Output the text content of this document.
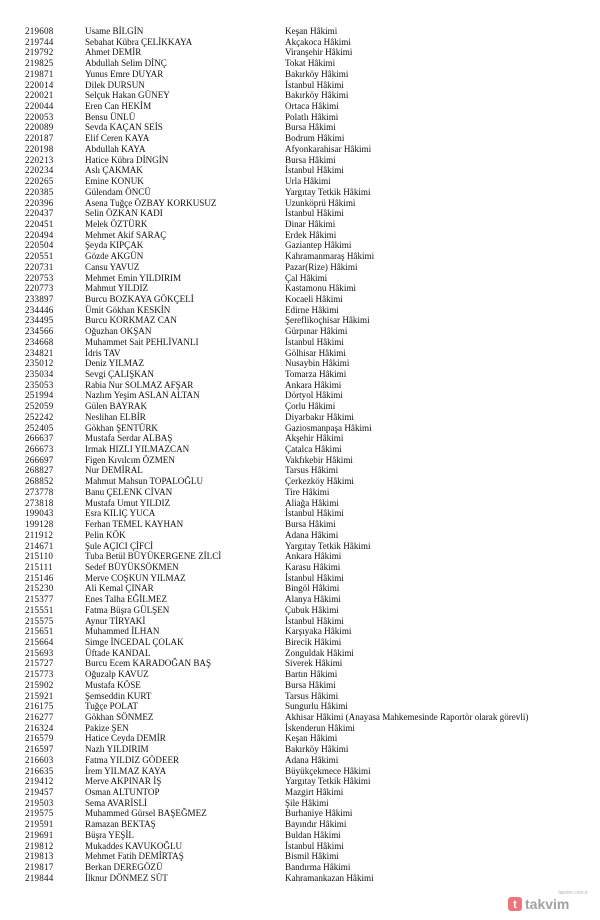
219608	Usame BİLGİN	Keşan Hâkimi
219744	Sebahat Kübra ÇELİKKAYA	Akçakoca Hâkimi
219792	Ahmet DEMİR	Viranşehir Hâkimi
219825	Abdullah Selim DİNÇ	Tokat Hâkimi
219871	Yunus Emre DUYAR	Bakırköy Hâkimi
220014	Dilek DURSUN	İstanbul Hâkimi
220021	Selçuk Hakan GÜNEY	Bakırköy Hâkimi
220044	Eren Can HEKİM	Ortaca Hâkimi
220053	Bensu ÜNLÜ	Polatlı Hâkimi
220089	Sevda KAÇAN SEİS	Bursa Hâkimi
220187	Elif Ceren KAYA	Bodrum Hâkimi
220198	Abdullah KAYA	Afyonkarahisar Hâkimi
220213	Hatice Kübra DİNGİN	Bursa Hâkimi
220234	Aslı ÇAKMAK	İstanbul Hâkimi
220265	Emine KONUK	Urla Hâkimi
220385	Gülendam ÖNCÜ	Yargıtay Tetkik Hâkimi
220396	Asena Tuğçe ÖZBAY KORKUSUZ	Uzunköprü Hâkimi
220437	Selin ÖZKAN KADI	İstanbul Hâkimi
220451	Melek ÖZTÜRK	Dinar Hâkimi
220494	Mehmet Akif SARAÇ	Erdek Hâkimi
220504	Şeyda KIPÇAK	Gaziantep Hâkimi
220551	Gözde AKGÜN	Kahramanmaraş Hâkimi
220731	Cansu YAVUZ	Pazar(Rize) Hâkimi
220753	Mehmet Emin YILDIRIM	Çal Hâkimi
220773	Mahmut YILDIZ	Kastamonu Hâkimi
233897	Burcu BOZKAYA GÖKÇELİ	Kocaeli Hâkimi
234446	Ümit Gökhan KESKİN	Edirne Hâkimi
234495	Burcu KORKMAZ CAN	Şereflikoçhisar Hâkimi
234566	Oğuzhan OKŞAN	Gürpınar Hâkimi
234668	Muhammet Sait PEHLİVANLI	İstanbul Hâkimi
234821	İdris TAV	Gölhisar Hâkimi
235012	Deniz YILMAZ	Nusaybin Hâkimi
235034	Sevgi ÇALIŞKAN	Tomarza Hâkimi
235053	Rabia Nur SOLMAZ AFŞAR	Ankara Hâkimi
251994	Nazlım Yeşim ASLAN ALTAN	Dörtyol Hâkimi
252059	Gülen BAYRAK	Çorlu Hâkimi
252242	Neslihan ELBİR	Diyarbakır Hâkimi
252405	Gökhan ŞENTÜRK	Gaziosmanpaşa Hâkimi
266637	Mustafa Serdar ALBAŞ	Akşehir Hâkimi
266673	Irmak HIZLI YILMAZCAN	Çatalca Hâkimi
266697	Figen Kıvılcım ÖZMEN	Vakfıkebir Hâkimi
268827	Nur DEMİRAL	Tarsus Hâkimi
268852	Mahmut Mahsun TOPALOĞLU	Çerkezköy Hâkimi
273778	Banu ÇELENK CİVAN	Tire Hâkimi
273818	Mustafa Umut YILDIZ	Aliağa Hâkimi
199043	Esra KILIÇ YUCA	İstanbul Hâkimi
199128	Ferhan TEMEL KAYHAN	Bursa Hâkimi
211912	Pelin KÖK	Adana Hâkimi
214671	Şule AÇICI ÇİFCİ	Yargıtay Tetkik Hâkimi
215110	Tuba Betül BÜYÜKERGENE ZİLCİ	Ankara Hâkimi
215111	Sedef BÜYÜKSÖKMEN	Karasu Hâkimi
215146	Merve COŞKUN YILMAZ	İstanbul Hâkimi
215230	Ali Kemal ÇINAR	Bingöl Hâkimi
215377	Enes Talha EĞİLMEZ	Alanya Hâkimi
215551	Fatma Büşra GÜLŞEN	Çubuk Hâkimi
215575	Aynur TİRYAKİ	İstanbul Hâkimi
215651	Muhammed İLHAN	Karşıyaka Hâkimi
215664	Simge İNCEDAL ÇOLAK	Birecik Hâkimi
215693	Üftade KANDAL	Zonguldak Hâkimi
215727	Burcu Ecem KARADOĞAN BAŞ	Siverek Hâkimi
215773	Oğuzalp KAVUZ	Bartın Hâkimi
215902	Mustafa KÖSE	Bursa Hâkimi
215921	Şemseddin KURT	Tarsus Hâkimi
216175	Tuğçe POLAT	Sungurlu Hâkimi
216277	Gökhan SÖNMEZ	Akhisar Hâkimi (Anayasa Mahkemesinde Raportör olarak görevli)
216324	Pakize ŞEN	İskenderun Hâkimi
216579	Hatice Ceyda DEMİR	Keşan Hâkimi
216597	Nazlı YILDIRIM	Bakırköy Hâkimi
216603	Fatma YILDIZ GÖDEER	Adana Hâkimi
216635	İrem YILMAZ KAYA	Büyükçekmece Hâkimi
219412	Merve AKPINAR İŞ	Yargıtay Tetkik Hâkimi
219457	Osman ALTUNTOP	Mazgirt Hâkimi
219503	Sema AVARİSLİ	Şile Hâkimi
219575	Muhammed Gürsel BAŞEĞMEZ	Burhaniye Hâkimi
219591	Ramazan BEKTAŞ	Bayındır Hâkimi
219691	Büşra YEŞİL	Buldan Hâkimi
219812	Mukaddes KAVUKOĞLU	İstanbul Hâkimi
219813	Mehmet Fatih DEMİRTAŞ	Bismil Hâkimi
219817	Berkan DEREGÖZÜ	Bandırma Hâkimi
219844	İlknur DÖNMEZ SÜT	Kahramankazan Hâkimi
takvim.com.tr
t takvim
